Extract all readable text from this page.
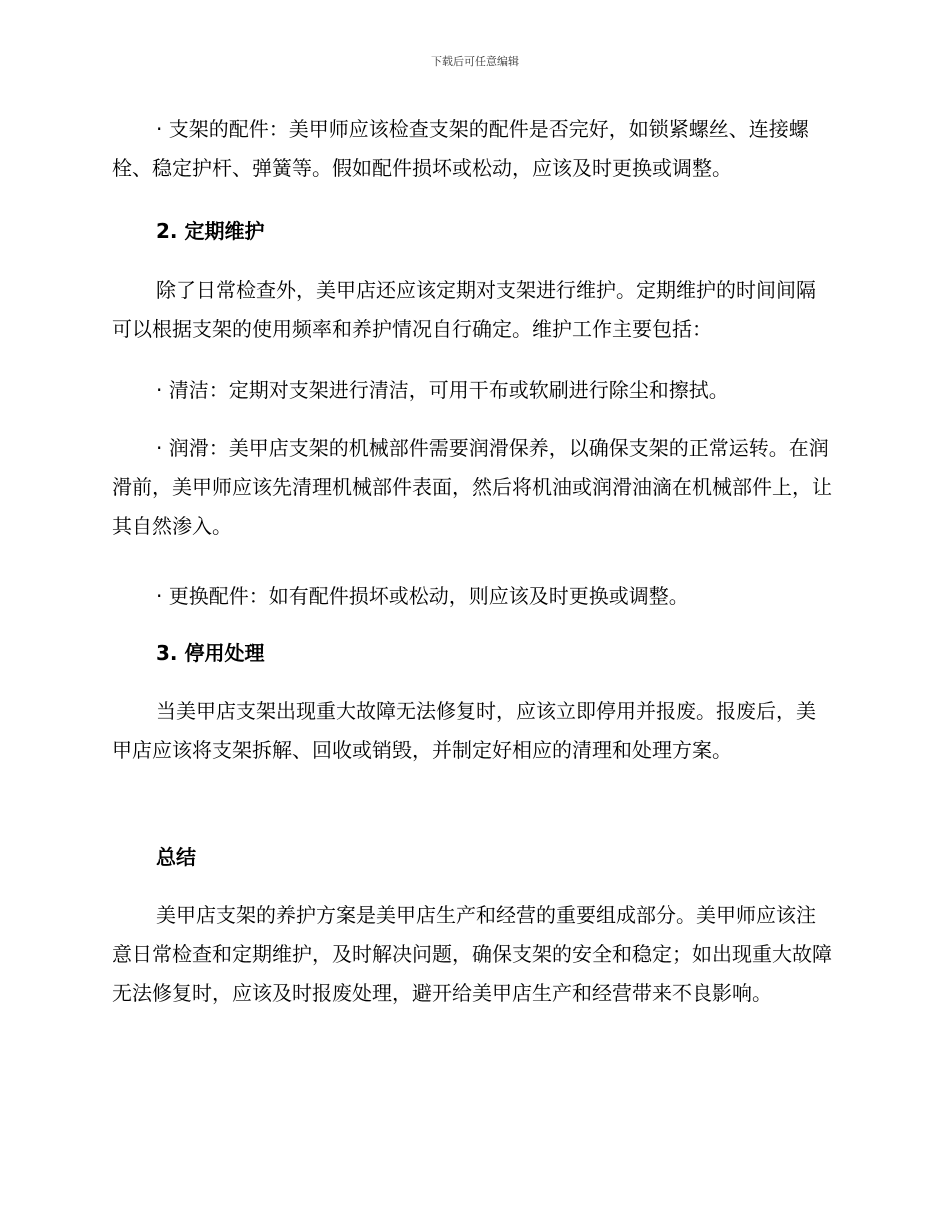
下载后可任意编辑

· 支架的配件：美甲师应该检查支架的配件是否完好，如锁紧螺丝、连接螺栓、稳定护杆、弹簧等。假如配件损坏或松动，应该及时更换或调整。

2. 定期维护

除了日常检查外，美甲店还应该定期对支架进行维护。定期维护的时间间隔可以根据支架的使用频率和养护情况自行确定。维护工作主要包括：

· 清洁：定期对支架进行清洁，可用干布或软刷进行除尘和擦拭。

· 润滑：美甲店支架的机械部件需要润滑保养，以确保支架的正常运转。在润滑前，美甲师应该先清理机械部件表面，然后将机油或润滑油滴在机械部件上，让其自然渗入。

· 更换配件：如有配件损坏或松动，则应该及时更换或调整。

3. 停用处理

当美甲店支架出现重大故障无法修复时，应该立即停用并报废。报废后，美甲店应该将支架拆解、回收或销毁，并制定好相应的清理和处理方案。

总结

美甲店支架的养护方案是美甲店生产和经营的重要组成部分。美甲师应该注意日常检查和定期维护，及时解决问题，确保支架的安全和稳定；如出现重大故障无法修复时，应该及时报废处理，避开给美甲店生产和经营带来不良影响。
